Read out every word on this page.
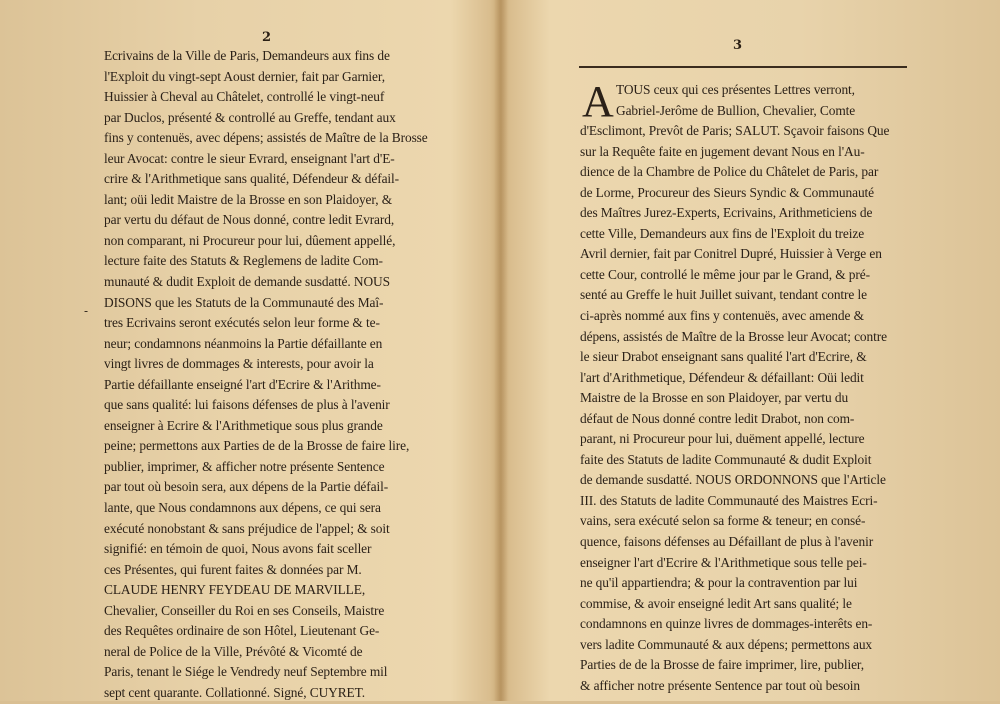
2
-
Ecrivains de la Ville de Paris, Demandeurs aux fins de
l'Exploit du vingt-sept Aoust dernier, fait par Garnier,
Huissier à Cheval au Châtelet, controllé le vingt-neuf
par Duclos, présenté & controllé au Greffe, tendant aux
fins y contenuës, avec dépens; assistés de Maître de la Brosse
leur Avocat: contre le sieur Evrard, enseignant l'art d'E-
crire & l'Arithmetique sans qualité, Défendeur & défail-
lant; oüi ledit Maistre de la Brosse en son Plaidoyer, &
par vertu du défaut de Nous donné, contre ledit Evrard,
non comparant, ni Procureur pour lui, dûement appellé,
lecture faite des Statuts & Reglemens de ladite Com-
munauté & dudit Exploit de demande susdatté. NOUS
DISONS que les Statuts de la Communauté des Maî-
tres Ecrivains seront exécutés selon leur forme & te-
neur; condamnons néanmoins la Partie défaillante en
vingt livres de dommages & interests, pour avoir la
Partie défaillante enseigné l'art d'Ecrire & l'Arithme-
que sans qualité: lui faisons défenses de plus à l'avenir
enseigner à Ecrire & l'Arithmetique sous plus grande
peine; permettons aux Parties de de la Brosse de faire lire,
publier, imprimer, & afficher notre présente Sentence
par tout où besoin sera, aux dépens de la Partie défail-
lante, que Nous condamnons aux dépens, ce qui sera
exécuté nonobstant & sans préjudice de l'appel; & soit
signifié: en témoin de quoi, Nous avons fait sceller
ces Présentes, qui furent faites & données par M.
CLAUDE HENRY FEYDEAU DE MARVILLE,
Chevalier, Conseiller du Roi en ses Conseils, Maistre
des Requêtes ordinaire de son Hôtel, Lieutenant Ge-
neral de Police de la Ville, Prévôté & Vicomté de
Paris, tenant le Siége le Vendredy neuf Septembre mil
sept cent quarante. Collationné. Signé, CUYRET.
3
A TOUS ceux qui ces présentes Lettres verront,
Gabriel-Jerôme de Bullion, Chevalier, Comte
d'Esclimont, Prevôt de Paris; SALUT. Sçavoir faisons Que
sur la Requête faite en jugement devant Nous en l'Au-
dience de la Chambre de Police du Châtelet de Paris, par
de Lorme, Procureur des Sieurs Syndic & Communauté
des Maîtres Jurez-Experts, Ecrivains, Arithmeticiens de
cette Ville, Demandeurs aux fins de l'Exploit du treize
Avril dernier, fait par Conitrel Dupré, Huissier à Verge en
cette Cour, controllé le même jour par le Grand, & pré-
senté au Greffe le huit Juillet suivant, tendant contre le
ci-après nommé aux fins y contenuës, avec amende &
dépens, assistés de Maître de la Brosse leur Avocat; contre
le sieur Drabot enseignant sans qualité l'art d'Ecrire, &
l'art d'Arithmetique, Défendeur & défaillant: Oüi ledit
Maistre de la Brosse en son Plaidoyer, par vertu du
défaut de Nous donné contre ledit Drabot, non com-
parant, ni Procureur pour lui, duëment appellé, lecture
faite des Statuts de ladite Communauté & dudit Exploit
de demande susdatté. NOUS ORDONNONS que l'Article
III. des Statuts de ladite Communauté des Maistres Ecri-
vains, sera exécuté selon sa forme & teneur; en consé-
quence, faisons défenses au Défaillant de plus à l'avenir
enseigner l'art d'Ecrire & l'Arithmetique sous telle pei-
ne qu'il appartiendra; & pour la contravention par lui
commise, & avoir enseigné ledit Art sans qualité; le
condamnons en quinze livres de dommages-interêts en-
vers ladite Communauté & aux dépens; permettons aux
Parties de de la Brosse de faire imprimer, lire, publier,
& afficher notre présente Sentence par tout où besoin
